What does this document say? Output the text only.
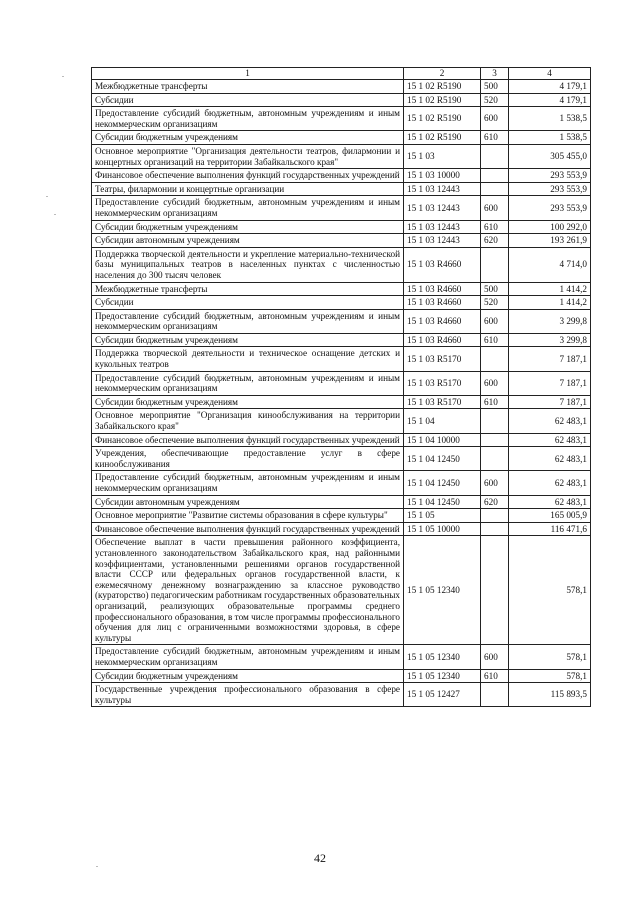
1	2	3	4
Межбюджетные трансферты	15 1 02 R5190	500	4 179,1
Субсидии	15 1 02 R5190	520	4 179,1
Предоставление субсидий бюджетным, автономным учреждениям и иным некоммерческим организациям	15 1 02 R5190	600	1 538,5
Субсидии бюджетным учреждениям	15 1 02 R5190	610	1 538,5
Основное мероприятие "Организация деятельности театров, филармонии и концертных организаций на территории Забайкальского края"	15 1 03		305 455,0
Финансовое обеспечение выполнения функций государственных учреждений	15 1 03 10000		293 553,9
Театры, филармонии и концертные организации	15 1 03 12443		293 553,9
Предоставление субсидий бюджетным, автономным учреждениям и иным некоммерческим организациям	15 1 03 12443	600	293 553,9
Субсидии бюджетным учреждениям	15 1 03 12443	610	100 292,0
Субсидии автономным учреждениям	15 1 03 12443	620	193 261,9
Поддержка творческой деятельности и укрепление материально-технической базы муниципальных театров в населенных пунктах с численностью населения до 300 тысяч человек	15 1 03 R4660		4 714,0
Межбюджетные трансферты	15 1 03 R4660	500	1 414,2
Субсидии	15 1 03 R4660	520	1 414,2
Предоставление субсидий бюджетным, автономным учреждениям и иным некоммерческим организациям	15 1 03 R4660	600	3 299,8
Субсидии бюджетным учреждениям	15 1 03 R4660	610	3 299,8
Поддержка творческой деятельности и техническое оснащение детских и кукольных театров	15 1 03 R5170		7 187,1
Предоставление субсидий бюджетным, автономным учреждениям и иным некоммерческим организациям	15 1 03 R5170	600	7 187,1
Субсидии бюджетным учреждениям	15 1 03 R5170	610	7 187,1
Основное мероприятие "Организация кинообслуживания на территории Забайкальского края"	15 1 04		62 483,1
Финансовое обеспечение выполнения функций государственных учреждений	15 1 04 10000		62 483,1
Учреждения, обеспечивающие предоставление услуг в сфере кинообслуживания	15 1 04 12450		62 483,1
Предоставление субсидий бюджетным, автономным учреждениям и иным некоммерческим организациям	15 1 04 12450	600	62 483,1
Субсидии автономным учреждениям	15 1 04 12450	620	62 483,1
Основное мероприятие "Развитие системы образования в сфере культуры"	15 1 05		165 005,9
Финансовое обеспечение выполнения функций государственных учреждений	15 1 05 10000		116 471,6
Обеспечение выплат в части превышения районного коэффициента, установленного законодательством Забайкальского края, над районными коэффициентами, установленными решениями органов государственной власти СССР или федеральных органов государственной власти, к ежемесячному денежному вознаграждению за классное руководство (кураторство) педагогическим работникам государственных образовательных организаций, реализующих образовательные программы среднего профессионального образования, в том числе программы профессионального обучения для лиц с ограниченными возможностями здоровья, в сфере культуры	15 1 05 12340		578,1
Предоставление субсидий бюджетным, автономным учреждениям и иным некоммерческим организациям	15 1 05 12340	600	578,1
Субсидии бюджетным учреждениям	15 1 05 12340	610	578,1
Государственные учреждения профессионального образования в сфере культуры	15 1 05 12427		115 893,5
42
